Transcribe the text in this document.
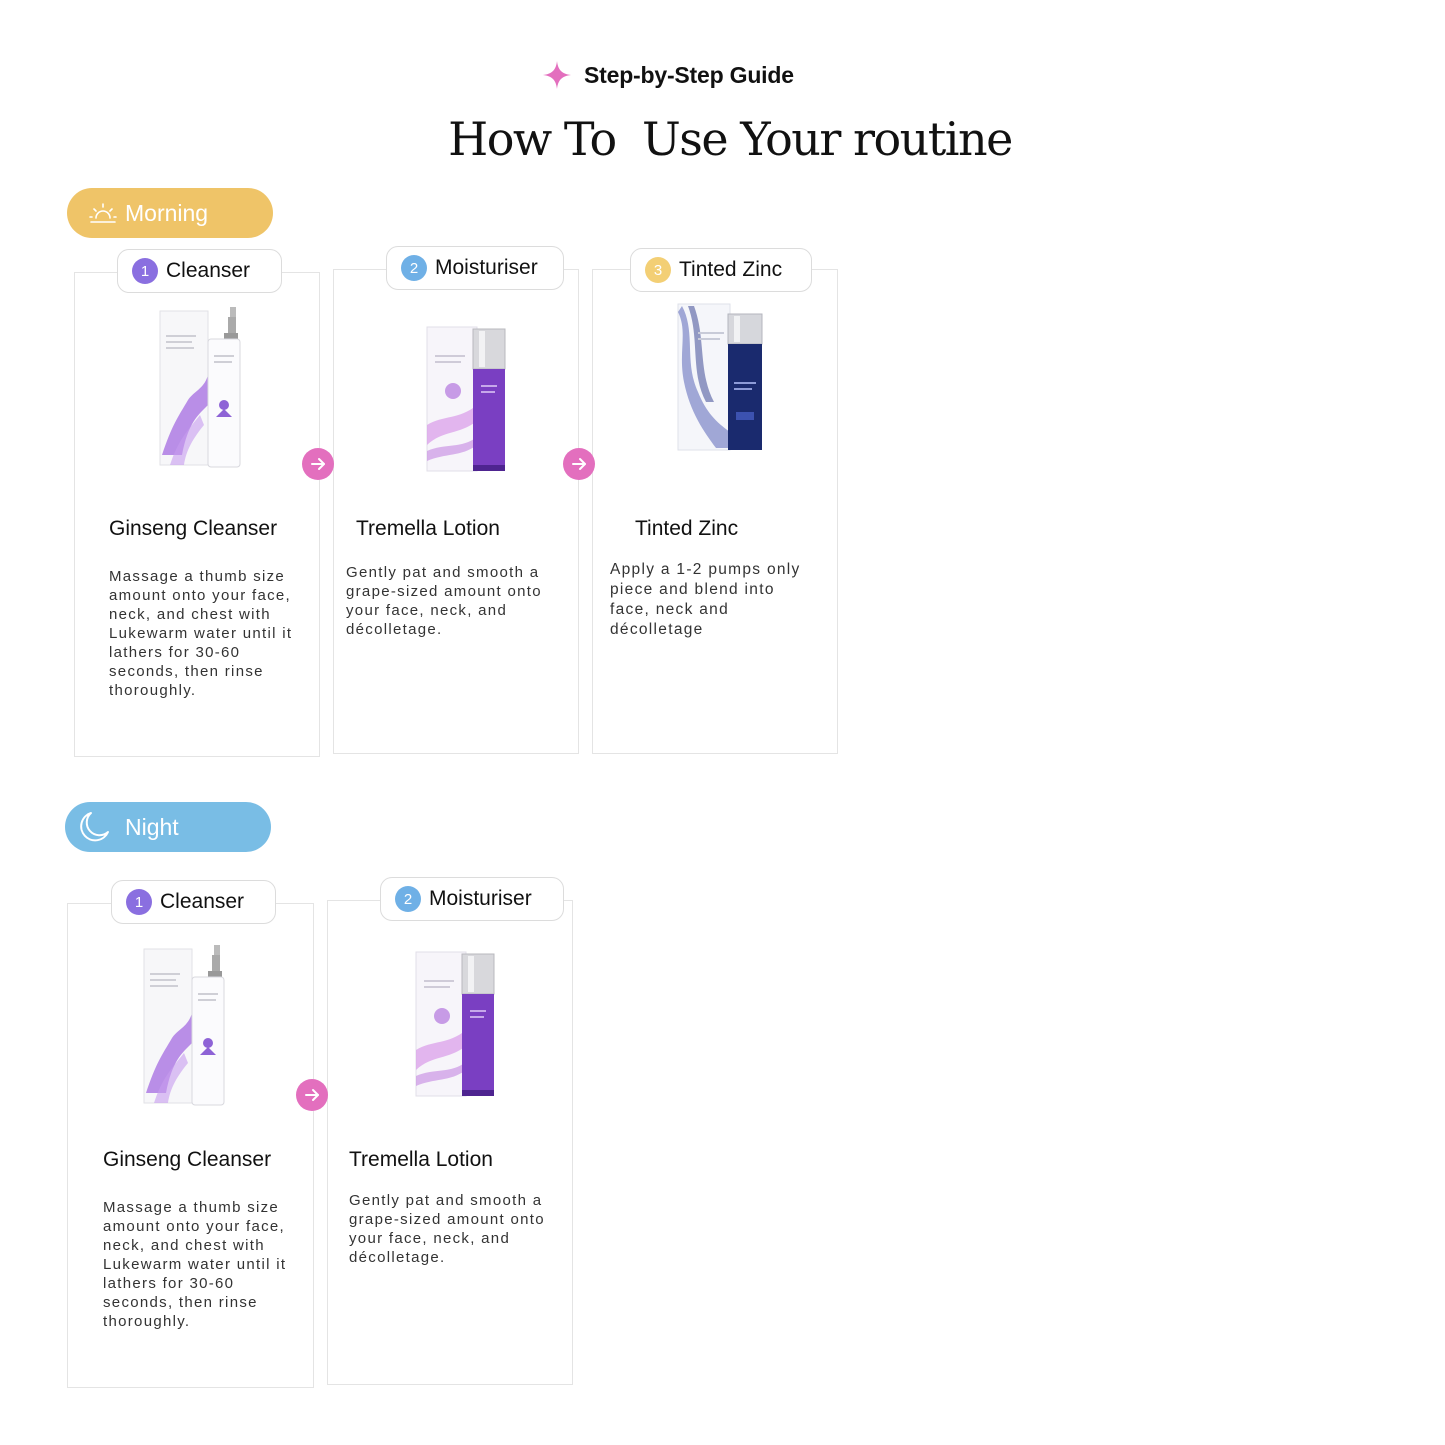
Step-by-Step Guide
How To  Use Your routine
Morning
1 Cleanser
Ginseng Cleanser
Massage a thumb size amount onto your face, neck, and chest with Lukewarm water until it lathers for 30-60 seconds, then rinse thoroughly.
2 Moisturiser
Tremella Lotion
Gently pat and smooth a grape-sized amount onto your face, neck, and décolletage.
3 Tinted Zinc
Tinted Zinc
Apply a 1-2 pumps only piece and blend into face, neck and décolletage
Night
1 Cleanser
Ginseng Cleanser
Massage a thumb size amount onto your face, neck, and chest with Lukewarm water until it lathers for 30-60 seconds, then rinse thoroughly.
2 Moisturiser
Tremella Lotion
Gently pat and smooth a grape-sized amount onto your face, neck, and décolletage.
